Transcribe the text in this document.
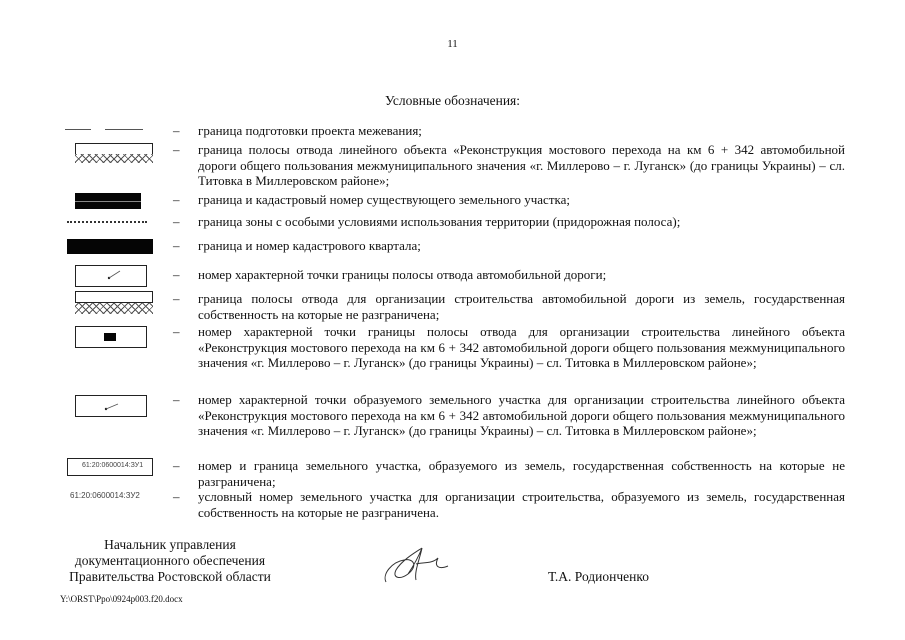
11
Условные обозначения:
– граница подготовки проекта межевания;
– граница полосы отвода линейного объекта «Реконструкция мостового перехода на км 6 + 342 автомобильной дороги общего пользования межмуниципального значения «г. Миллерово – г. Луганск» (до границы Украины) – сл. Титовка в Миллеровском районе»;
– граница и кадастровый номер существующего земельного участка;
– граница зоны с особыми условиями использования территории (придорожная полоса);
– граница и номер кадастрового квартала;
– номер характерной точки границы полосы отвода автомобильной дороги;
– граница полосы отвода для организации строительства автомобильной дороги из земель, государственная собственность на которые не разграничена;
– номер характерной точки границы полосы отвода для организации строительства линейного объекта «Реконструкция мостового перехода на км 6 + 342 автомобильной дороги общего пользования межмуниципального значения «г. Миллерово – г. Луганск» (до границы Украины) – сл. Титовка в Миллеровском районе»;
– номер характерной точки образуемого земельного участка для организации строительства линейного объекта «Реконструкция мостового перехода на км 6 + 342 автомобильной дороги общего пользования межмуниципального значения «г. Миллерово – г. Луганск» (до границы Украины) – сл. Титовка в Миллеровском районе»;
61:20:0600014:ЗУ1 – номер и граница земельного участка, образуемого из земель, государственная собственность на которые не разграничена;
61:20:0600014:ЗУ2	– условный номер земельного участка для организации строительства, образуемого из земель, государственная собственность на которые не разграничена.
Начальник управления
документационного обеспечения
Правительства Ростовской области	Т.А. Родионченко
Y:\ORST\Ppo\0924p003.f20.docx
